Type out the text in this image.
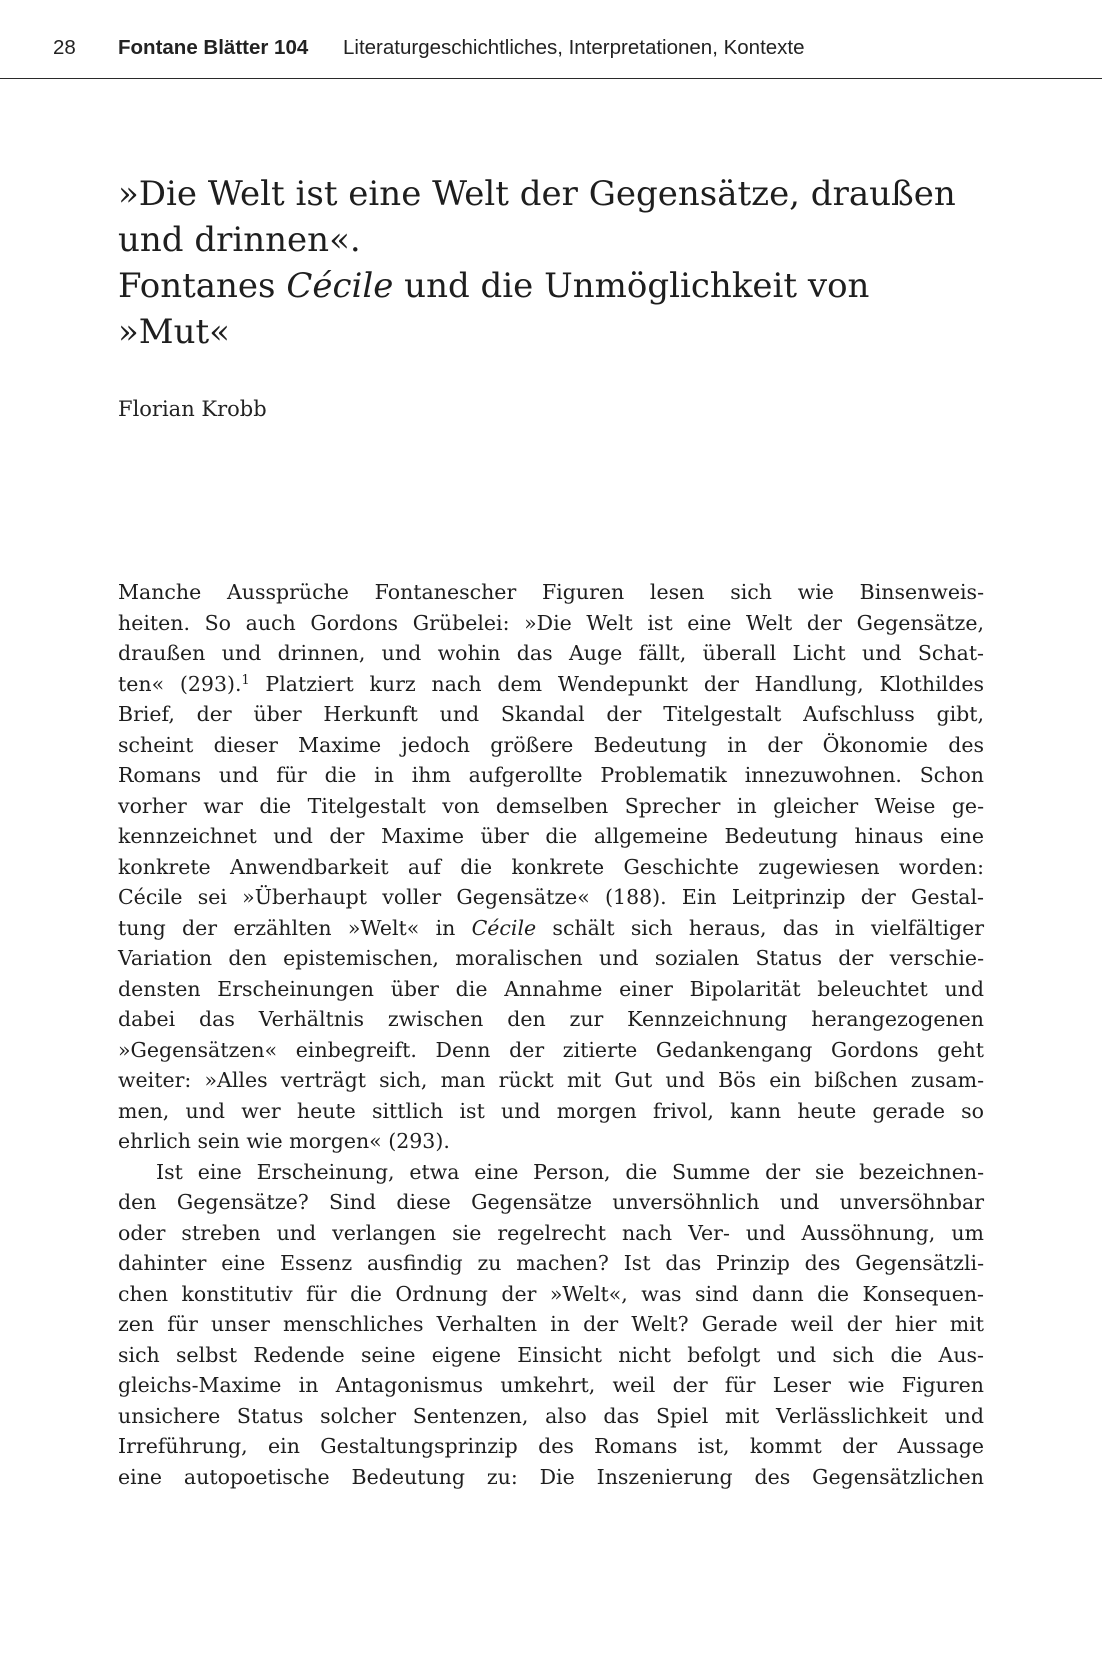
28 Fontane Blätter 104 Literaturgeschichtliches, Interpretationen, Kontexte
»Die Welt ist eine Welt der Gegensätze, draußen
und drinnen«.
Fontanes Cécile und die Unmöglichkeit von
»Mut«

Florian Krobb

Manche Aussprüche Fontanescher Figuren lesen sich wie Binsenweis-
heiten. So auch Gordons Grübelei: »Die Welt ist eine Welt der Gegensätze,
draußen und drinnen, und wohin das Auge fällt, überall Licht und Schat-
ten« (293).$^1$ Platziert kurz nach dem Wendepunkt der Handlung, Klothildes
Brief, der über Herkunft und Skandal der Titelgestalt Aufschluss gibt,
scheint dieser Maxime jedoch größere Bedeutung in der Ökonomie des
Romans und für die in ihm aufgerollte Problematik innezuwohnen. Schon
vorher war die Titelgestalt von demselben Sprecher in gleicher Weise ge-
kennzeichnet und der Maxime über die allgemeine Bedeutung hinaus eine
konkrete Anwendbarkeit auf die konkrete Geschichte zugewiesen worden:
Cécile sei »Überhaupt voller Gegensätze« (188). Ein Leitprinzip der Gestal-
tung der erzählten »Welt« in Cécile schält sich heraus, das in vielfältiger
Variation den epistemischen, moralischen und sozialen Status der verschie-
densten Erscheinungen über die Annahme einer Bipolarität beleuchtet und
dabei das Verhältnis zwischen den zur Kennzeichnung herangezogenen
»Gegensätzen« einbegreift. Denn der zitierte Gedankengang Gordons geht
weiter: »Alles verträgt sich, man rückt mit Gut und Bös ein bißchen zusam-
men, und wer heute sittlich ist und morgen frivol, kann heute gerade so
ehrlich sein wie morgen« (293).
Ist eine Erscheinung, etwa eine Person, die Summe der sie bezeichnen-
den Gegensätze? Sind diese Gegensätze unversöhnlich und unversöhnbar
oder streben und verlangen sie regelrecht nach Ver- und Aussöhnung, um
dahinter eine Essenz ausfindig zu machen? Ist das Prinzip des Gegensätzli-
chen konstitutiv für die Ordnung der »Welt«, was sind dann die Konsequen-
zen für unser menschliches Verhalten in der Welt? Gerade weil der hier mit
sich selbst Redende seine eigene Einsicht nicht befolgt und sich die Aus-
gleichs-Maxime in Antagonismus umkehrt, weil der für Leser wie Figuren
unsichere Status solcher Sentenzen, also das Spiel mit Verlässlichkeit und
Irreführung, ein Gestaltungsprinzip des Romans ist, kommt der Aussage
eine autopoetische Bedeutung zu: Die Inszenierung des Gegensätzlichen
